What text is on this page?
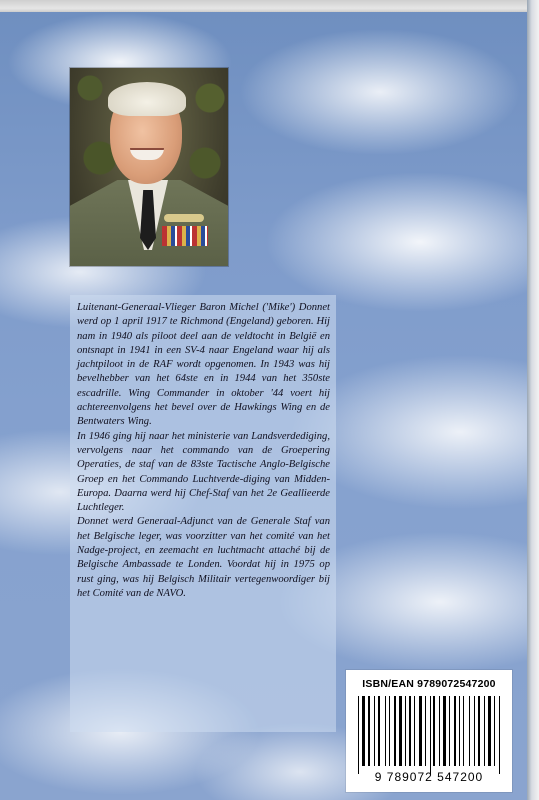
Luitenant-Generaal-Vlieger Baron Michel ('Mike') Donnet werd op 1 april 1917 te Richmond (Engeland) geboren. Hij nam in 1940 als piloot deel aan de veldtocht in België en ontsnapt in 1941 in een SV-4 naar Engeland waar hij als jachtpiloot in de RAF wordt opgenomen. In 1943 was hij bevelhebber van het 64ste en in 1944 van het 350ste escadrille. Wing Commander in oktober '44 voert hij achtereenvolgens het bevel over de Hawkings Wing en de Bentwaters Wing.

In 1946 ging hij naar het ministerie van Landsverdediging, vervolgens naar het commando van de Groepering Operaties, de staf van de 83ste Tactische Anglo-Belgische Groep en het Commando Luchtverde-diging van Midden-Europa. Daarna werd hij Chef-Staf van het 2e Geallieerde Luchtleger.

Donnet werd Generaal-Adjunct van de Generale Staf van het Belgische leger, was voorzitter van het comité van het Nadge-project, en zeemacht en luchtmacht attaché bij de Belgische Ambassade te Londen. Voordat hij in 1975 op rust ging, was hij Belgisch Militair vertegenwoordiger bij het Comité van de NAVO.

ISBN/EAN 9789072547200
9 789072 547200
